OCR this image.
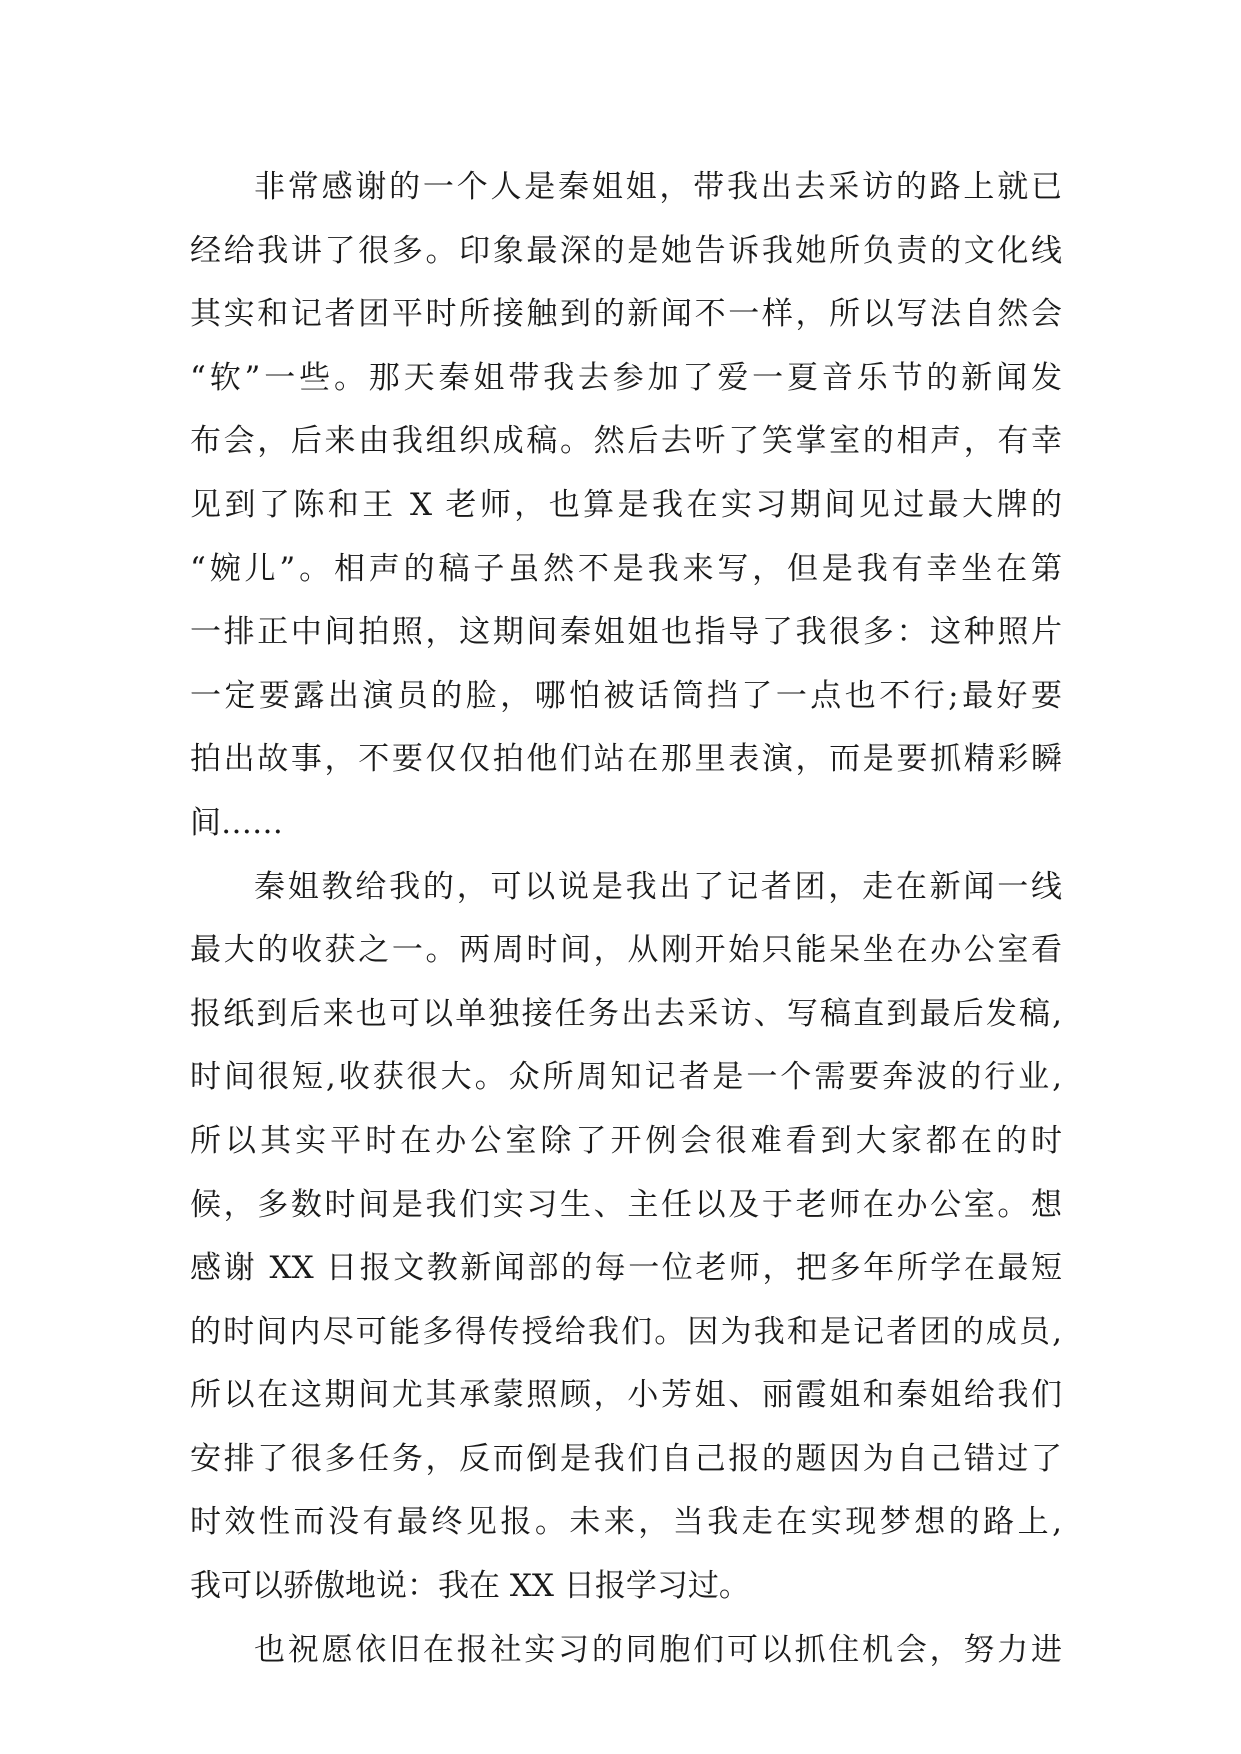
非常感谢的一个人是秦姐姐，带我出去采访的路上就已
经给我讲了很多。印象最深的是她告诉我她所负责的文化线
其实和记者团平时所接触到的新闻不一样，所以写法自然会
“软”一些。那天秦姐带我去参加了爱一夏音乐节的新闻发
布会，后来由我组织成稿。然后去听了笑掌室的相声，有幸
见到了陈和王 X 老师，也算是我在实习期间见过最大牌的
“婉儿”。相声的稿子虽然不是我来写，但是我有幸坐在第
一排正中间拍照，这期间秦姐姐也指导了我很多：这种照片
一定要露出演员的脸，哪怕被话筒挡了一点也不行;最好要
拍出故事，不要仅仅拍他们站在那里表演，而是要抓精彩瞬
间……
秦姐教给我的，可以说是我出了记者团，走在新闻一线
最大的收获之一。两周时间，从刚开始只能呆坐在办公室看
报纸到后来也可以单独接任务出去采访、写稿直到最后发稿,
时间很短,收获很大。众所周知记者是一个需要奔波的行业,
所以其实平时在办公室除了开例会很难看到大家都在的时
候，多数时间是我们实习生、主任以及于老师在办公室。想
感谢 XX 日报文教新闻部的每一位老师，把多年所学在最短
的时间内尽可能多得传授给我们。因为我和是记者团的成员,
所以在这期间尤其承蒙照顾，小芳姐、丽霞姐和秦姐给我们
安排了很多任务，反而倒是我们自己报的题因为自己错过了
时效性而没有最终见报。未来，当我走在实现梦想的路上,
我可以骄傲地说：我在 XX 日报学习过。
也祝愿依旧在报社实习的同胞们可以抓住机会，努力进
